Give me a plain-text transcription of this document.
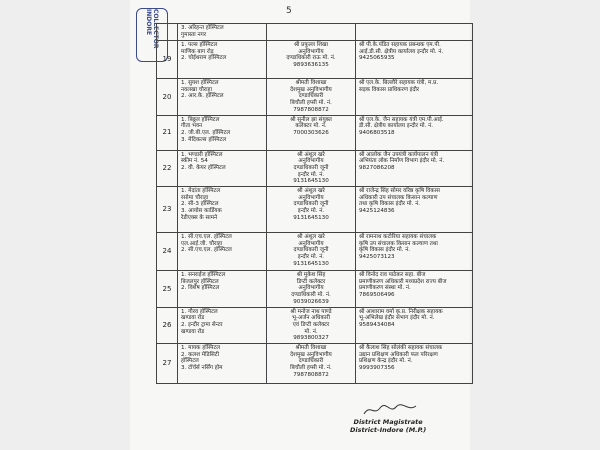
COLLECTOR INDORE	5

	3. अरिहन्त हॉस्पिटल
गुमास्ता नगर		

19	1. पल्स हॉस्पिटल
माणिक बाग रोड़
2. चोईथराम हॉस्पिटल	श्री प्रफुल्ल शिखा
अनुविभागीय
दण्डाधिकारी राऊ मो. नं.
9893636135	श्री पी.के.पंडित सहायक प्रबन्धक एम.पी.
आई.डी.सी. क्षेत्रीय कार्यालय इन्दौर मो. नं.
9425065935

20	1. सुयश हॉस्पिटल
नवलखा चौराहा
2. आर.के. हॉस्पिटल	श्रीमती विशाखा
देशमुख अनुविभागीय
दण्डाधिकारी
बिचौली हप्सी मो. नं.
7987808872	श्री एल.के. बिल्लौरे सहायक यंत्री, म.प्र.
सड़क विकास प्राधिकरण इंदौर

21	1. बिठ्ठल हॉस्पिटल
गीता भवन
2. जी.बी.एल. हॉस्पिटल
3. मेदिकल्स हॉस्पिटल	श्री सुनील झा संयुक्त
कलेक्टर मो. नं.
7000303626	श्री एल.के. जैन सहायक यंत्री एम.पी.आई.
डी.सी. क्षेत्रीय कार्यालय इन्दौर मो. नं.
9406803518

22	1. भण्डारी हॉस्पिटल
स्कीम नं. 54
2. वी. केयर हॉस्पिटल	श्री अंशुल खरे
अनुविभागीय
दण्डाधिकारी जूनी
इन्दौर मो. नं.
9131645130	श्री आलोक जैन उपयंत्री कार्यपालन यंत्री
अभियंता लोक निर्माण विभाग इंदौर मो. नं.
9827086208

23	1. मेदांता हॉस्पिटल
रसोमा चौराहा
2. सी-3 हॉस्पिटल
3. आयोस कार्डियक
रेडीएक्स के सामने	श्री अंशुल खरे
अनुविभागीय
दण्डाधिकारी जूनी
इन्दौर मो. नं.
9131645130	श्री राजेन्द्र सिंह सोमर वरिष्ठ कृषि विकास
अधिकारी उप संचालक किसान कल्याण
तथा कृषि विकास इंदौर मो. नं.
9425124836

24	1. सी.एच.एल. हॉस्पिटल
एल.आई.जी. चौराहा
2. सी.एच.एल. हॉस्पिटल	श्री अंशुल खरे
अनुविभागीय
दण्डाधिकारी जूनी
इन्दौर मो. नं.
9131645130	श्री रामनाथ कटोरिया सहायक संचालक
कृषि उप संचालक किसान कल्याण तथा
कृषि विकास इंदौर मो. नं.
9425073123

25	1. सनराईज हॉस्पिटल
बिजलपुर हॉस्पिटल
2. विशेष हॉस्पिटल	श्री मुकेश सिंह
डिप्टी कलेक्टर
अनुविभागीय
दण्डाधिकारी मो. नं.
9039026639	श्री विनोद राव पाठेकर सहा. बीज
प्रमाणीकरण अधिकारी मध्यप्रदेश राज्य बीज
प्रमाणीकरण संस्था मो. नं.
7869506496

26	1. गौरव हॉस्पिटल
खण्डवा रोड
2. इन्दौर ट्रामा सेन्टर
खण्डवा रोड	श्री मनोज नाथ पाण्डे
भू-अर्जन अधिकारी
एवं डिप्टी कलेक्टर
मो. नं.
9893800327	श्री आशाराम वर्मा कृ.प्र. निरीक्षक सहायक
भू-अभिलेख इंदौर संभाग इंदौर मो. नं.
9589434084

27	1. मायक हॉस्पिटल
2. कलश मेडिसिटी
हॉस्पिटल
3. टॉर्चर्स नर्सिंग होम	श्रीमती विशाखा
देशमुख अनुविभागीय
दण्डाधिकारी
बिचौली हप्सी मो. नं.
7987808872	श्री कैलाश सिंह सोलंकी सहायक संचालक
उद्यान प्रशिक्षण अधिकारी फल परिरक्षण
प्रशिक्षण केन्द्र इंदौर मो. नं.
9993907356
District Magistrate
District-Indore (M.P.)
